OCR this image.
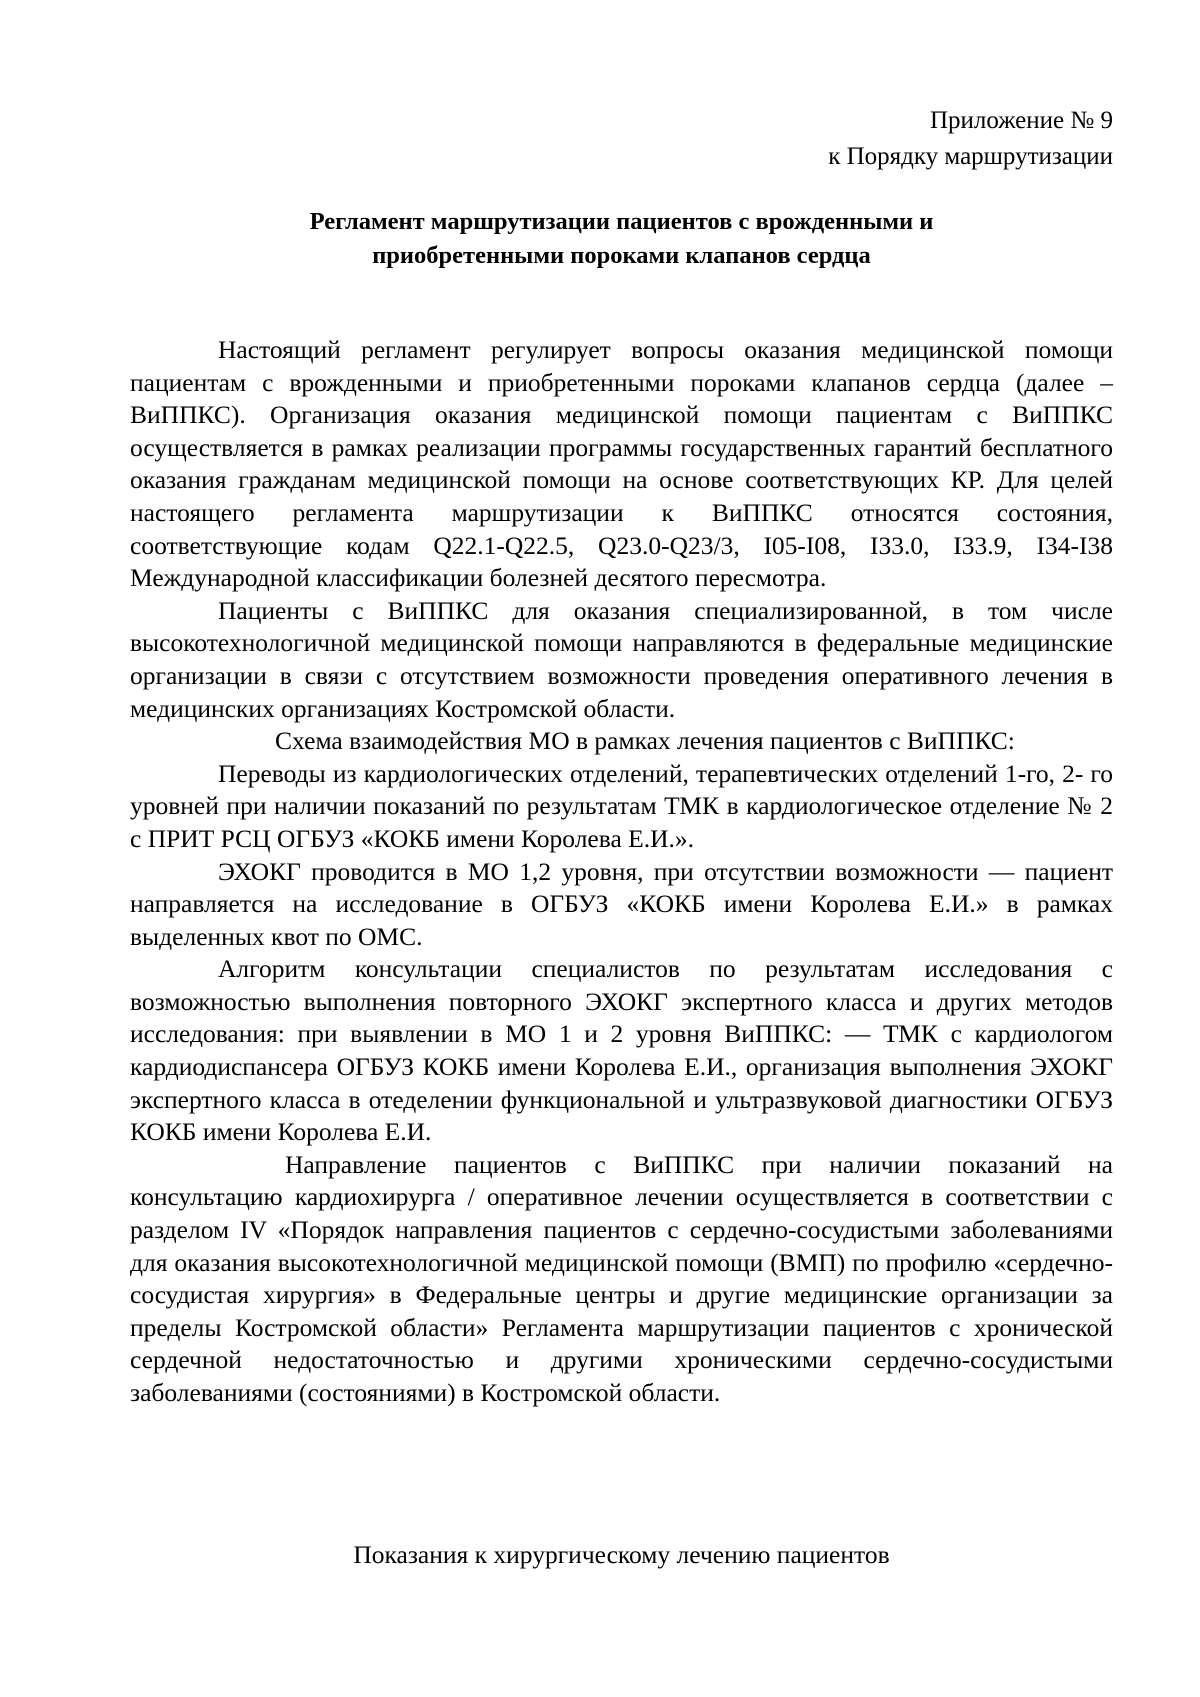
Приложение № 9
к Порядку маршрутизации
Регламент маршрутизации пациентов с врожденными и
приобретенными пороками клапанов сердца

Настоящий регламент регулирует вопросы оказания медицинской помощи пациентам с врожденными и приобретенными пороками клапанов сердца (далее – ВиППКС). Организация оказания медицинской помощи пациентам с ВиППКС осуществляется в рамках реализации программы государственных гарантий бесплатного оказания гражданам медицинской помощи на основе соответствующих КР. Для целей настоящего регламента маршрутизации к ВиППКС относятся состояния, соответствующие кодам Q22.1-Q22.5, Q23.0-Q23/3, I05-I08, I33.0, I33.9, I34-I38 Международной классификации болезней десятого пересмотра.

Пациенты с ВиППКС для оказания специализированной, в том числе высокотехнологичной медицинской помощи направляются в федеральные медицинские организации в связи с отсутствием возможности проведения оперативного лечения в медицинских организациях Костромской области.

Схема взаимодействия МО в рамках лечения пациентов с ВиППКС:

Переводы из кардиологических отделений, терапевтических отделений 1-го, 2- го уровней при наличии показаний по результатам ТМК в кардиологическое отделение № 2 с ПРИТ РСЦ ОГБУЗ «КОКБ имени Королева Е.И.».

ЭХОКГ проводится в МО 1,2 уровня, при отсутствии возможности — пациент направляется на исследование в ОГБУЗ «КОКБ имени Королева Е.И.» в рамках выделенных квот по ОМС.

Алгоритм консультации специалистов по результатам исследования с возможностью выполнения повторного ЭХОКГ экспертного класса и других методов исследования: при выявлении в МО 1 и 2 уровня ВиППКС: — ТМК с кардиологом кардиодиспансера ОГБУЗ КОКБ имени Королева Е.И., организация выполнения ЭХОКГ экспертного класса в отеделении функциональной и ультразвуковой диагностики ОГБУЗ КОКБ имени Королева Е.И.

Направление пациентов с ВиППКС при наличии показаний на консультацию кардиохирурга / оперативное лечении осуществляется в соответствии с разделом IV «Порядок направления пациентов с сердечно-сосудистыми заболеваниями для оказания высокотехнологичной медицинской помощи (ВМП) по профилю «сердечно-сосудистая хирургия» в Федеральные центры и другие медицинские организации за пределы Костромской области» Регламента маршрутизации пациентов с хронической сердечной недостаточностью и другими хроническими сердечно-сосудистыми заболеваниями (состояниями) в Костромской области.

Показания к хирургическому лечению пациентов
